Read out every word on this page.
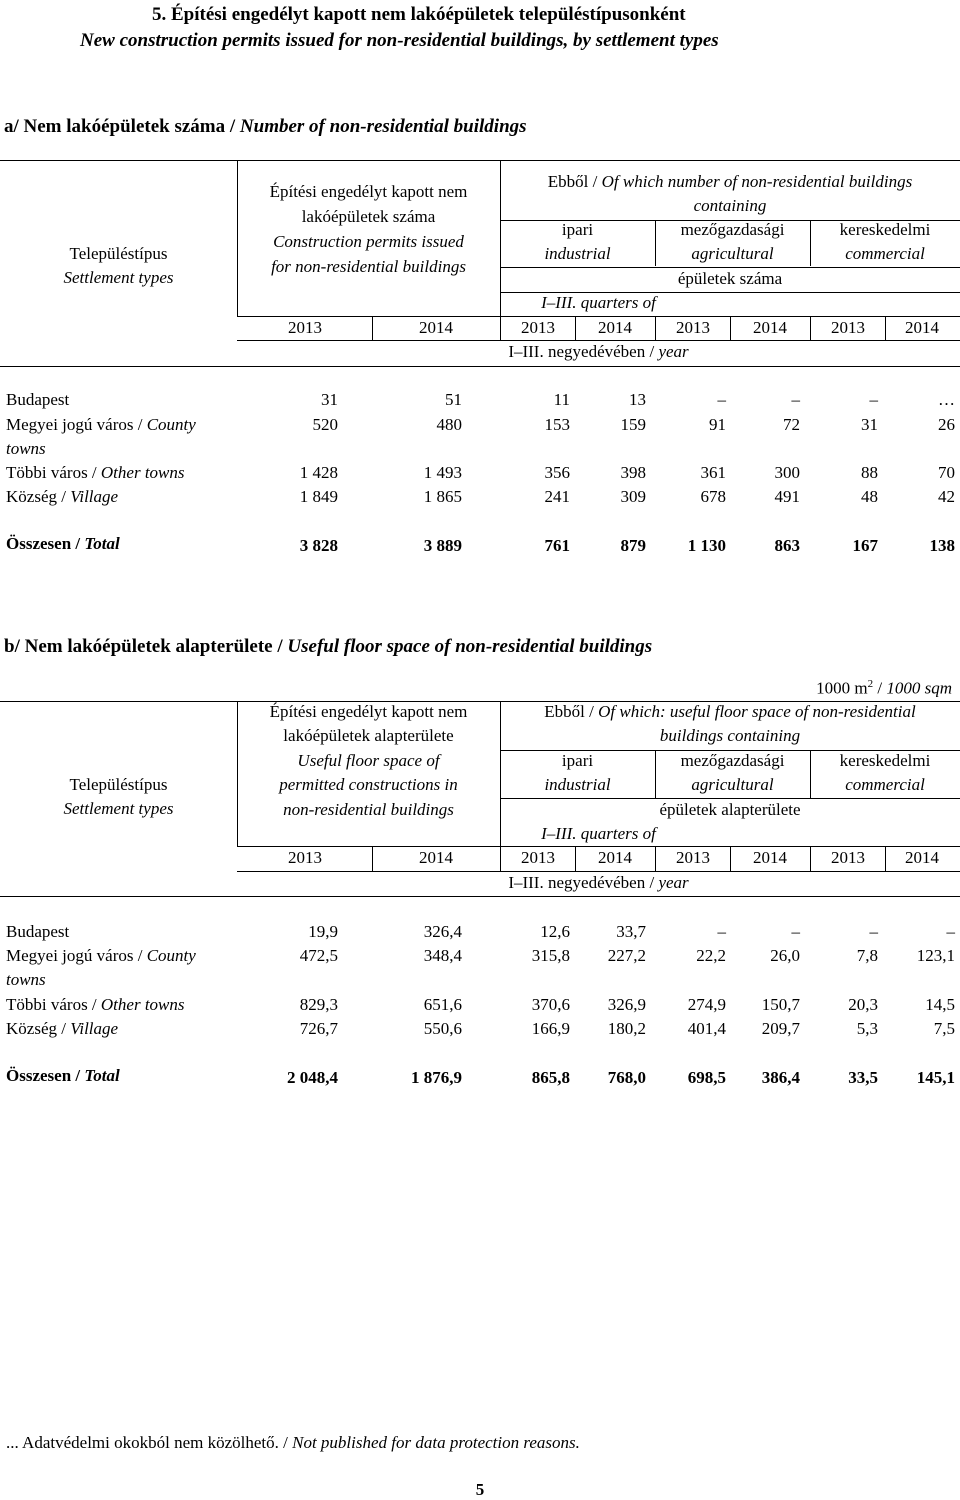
5. Építési engedélyt kapott nem lakóépületek településtípusonként
New construction permits issued for non-residential buildings, by settlement types
a/ Nem lakóépületek száma / Number of non-residential buildings
Településtípus
Settlement types
Építési engedélyt kapott nem
lakóépületek száma
Construction permits issued
for non-residential buildings
Ebből / Of which number of non-residential buildings
containing
ipari
industrial
mezőgazdasági
agricultural
kereskedelmi
commercial
épületek száma
I–III. quarters of
2013	2014	2013	2014	2013	2014	2013	2014
I–III. negyedévében / year
Budapest	31	51	11	13	–	–	–	…
Megyei jogú város / County
towns
520	480	153	159	91	72	31	26
Többi város / Other towns	1 428	1 493	356	398	361	300	88	70
Község / Village	1 849	1 865	241	309	678	491	48	42
Összesen / Total	3 828	3 889	761	879	1 130	863	167	138
b/ Nem lakóépületek alapterülete / Useful floor space of non-residential buildings
1000 $m^2 / 1000$ sqm
Településtípus
Settlement types
Építési engedélyt kapott nem
lakóépületek alapterülete
Useful floor space of
permitted constructions in
non-residential buildings
Ebből / Of which: useful floor space of non-residential
buildings containing
ipari
industrial
mezőgazdasági
agricultural
kereskedelmi
commercial
épületek alapterülete
I–III. quarters of
2013	2014	2013	2014	2013	2014	2013	2014
I–III. negyedévében / year
Budapest	19,9	326,4	12,6	33,7	–	–	–	–
Megyei jogú város / County
towns
472,5	348,4	315,8	227,2	22,2	26,0	7,8	123,1
Többi város / Other towns	829,3	651,6	370,6	326,9	274,9	150,7	20,3	14,5
Község / Village	726,7	550,6	166,9	180,2	401,4	209,7	5,3	7,5
Összesen / Total	2 048,4	1 876,9	865,8	768,0	698,5	386,4	33,5	145,1
... Adatvédelmi okokból nem közölhető. / Not published for data protection reasons.
5
